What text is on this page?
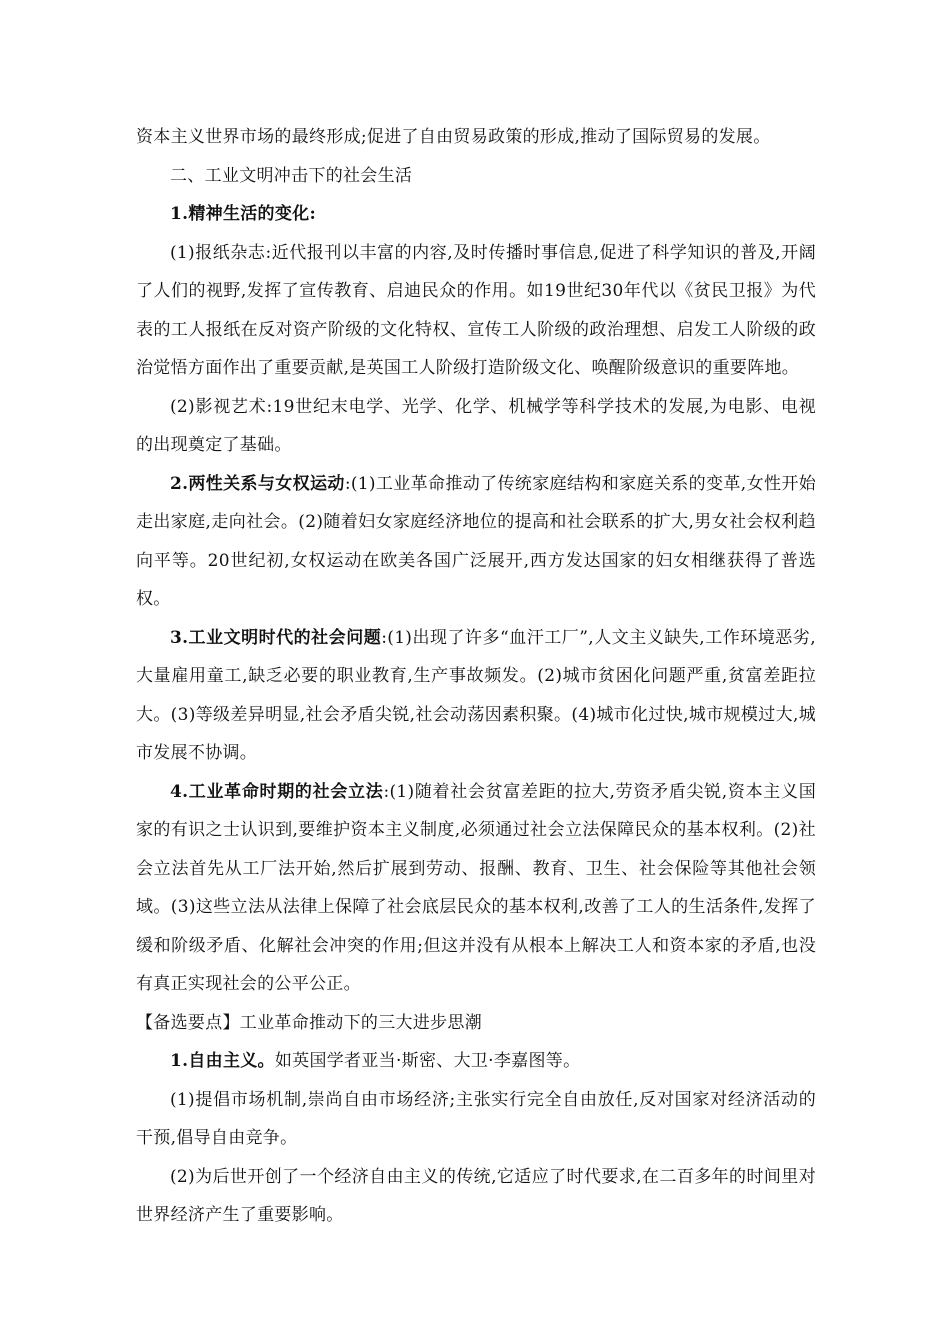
资本主义世界市场的最终形成;促进了自由贸易政策的形成,推动了国际贸易的发展。

二、工业文明冲击下的社会生活

1.精神生活的变化:

(1)报纸杂志:近代报刊以丰富的内容,及时传播时事信息,促进了科学知识的普及,开阔了人们的视野,发挥了宣传教育、启迪民众的作用。如19世纪30年代以《贫民卫报》为代表的工人报纸在反对资产阶级的文化特权、宣传工人阶级的政治理想、启发工人阶级的政治觉悟方面作出了重要贡献,是英国工人阶级打造阶级文化、唤醒阶级意识的重要阵地。

(2)影视艺术:19世纪末电学、光学、化学、机械学等科学技术的发展,为电影、电视的出现奠定了基础。

2.两性关系与女权运动:(1)工业革命推动了传统家庭结构和家庭关系的变革,女性开始走出家庭,走向社会。(2)随着妇女家庭经济地位的提高和社会联系的扩大,男女社会权利趋向平等。20世纪初,女权运动在欧美各国广泛展开,西方发达国家的妇女相继获得了普选权。

3.工业文明时代的社会问题:(1)出现了许多“血汗工厂”,人文主义缺失,工作环境恶劣,大量雇用童工,缺乏必要的职业教育,生产事故频发。(2)城市贫困化问题严重,贫富差距拉大。(3)等级差异明显,社会矛盾尖锐,社会动荡因素积聚。(4)城市化过快,城市规模过大,城市发展不协调。

4.工业革命时期的社会立法:(1)随着社会贫富差距的拉大,劳资矛盾尖锐,资本主义国家的有识之士认识到,要维护资本主义制度,必须通过社会立法保障民众的基本权利。(2)社会立法首先从工厂法开始,然后扩展到劳动、报酬、教育、卫生、社会保险等其他社会领域。(3)这些立法从法律上保障了社会底层民众的基本权利,改善了工人的生活条件,发挥了缓和阶级矛盾、化解社会冲突的作用;但这并没有从根本上解决工人和资本家的矛盾,也没有真正实现社会的公平公正。

【备选要点】工业革命推动下的三大进步思潮

1.自由主义。如英国学者亚当·斯密、大卫·李嘉图等。

(1)提倡市场机制,崇尚自由市场经济;主张实行完全自由放任,反对国家对经济活动的干预,倡导自由竞争。

(2)为后世开创了一个经济自由主义的传统,它适应了时代要求,在二百多年的时间里对世界经济产生了重要影响。
